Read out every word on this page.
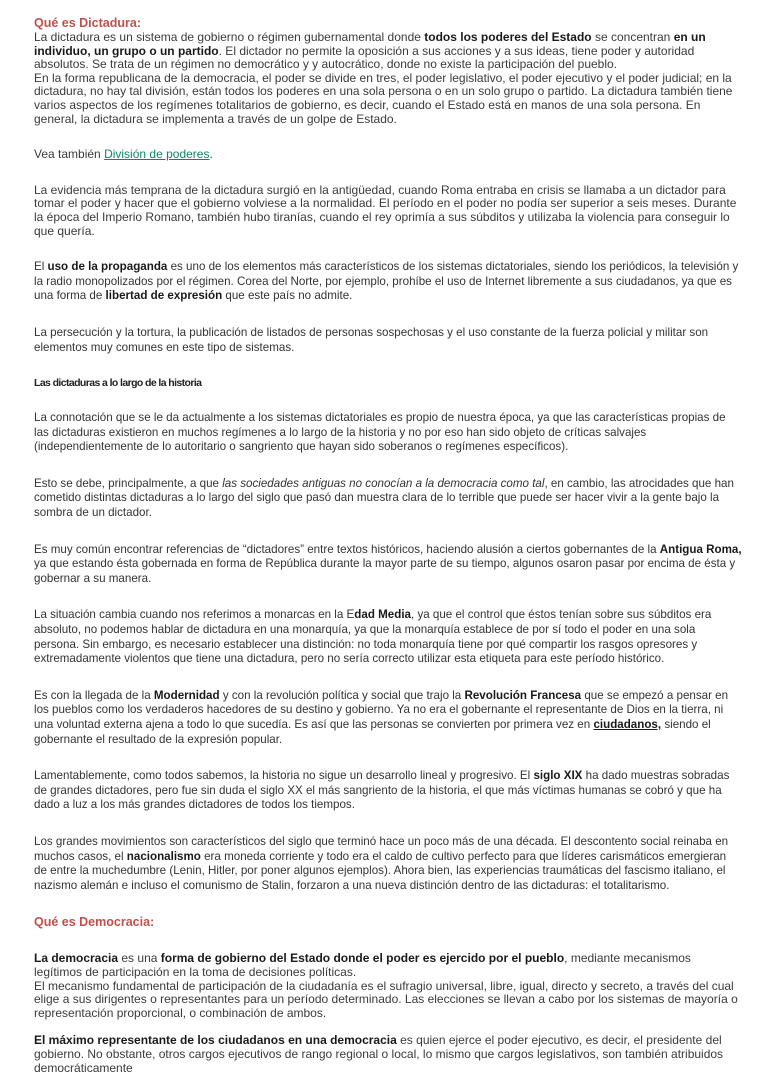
Qué es Dictadura:

La dictadura es un sistema de gobierno o régimen gubernamental donde todos los poderes del Estado se concentran en un individuo, un grupo o un partido. El dictador no permite la oposición a sus acciones y a sus ideas, tiene poder y autoridad absolutos. Se trata de un régimen no democrático y y autocrático, donde no existe la participación del pueblo.

En la forma republicana de la democracia, el poder se divide en tres, el poder legislativo, el poder ejecutivo y el poder judicial; en la dictadura, no hay tal división, están todos los poderes en una sola persona o en un solo grupo o partido. La dictadura también tiene varios aspectos de los regímenes totalitarios de gobierno, es decir, cuando el Estado está en manos de una sola persona. En general, la dictadura se implementa a través de un golpe de Estado.

Vea también División de poderes.

La evidencia más temprana de la dictadura surgió en la antigüedad, cuando Roma entraba en crisis se llamaba a un dictador para tomar el poder y hacer que el gobierno volviese a la normalidad. El período en el poder no podía ser superior a seis meses. Durante la época del Imperio Romano, también hubo tiranías, cuando el rey oprimía a sus súbditos y utilizaba la violencia para conseguir lo que quería.

El uso de la propaganda es uno de los elementos más característicos de los sistemas dictatoriales, siendo los periódicos, la televisión y la radio monopolizados por el régimen. Corea del Norte, por ejemplo, prohíbe el uso de Internet libremente a sus ciudadanos, ya que es una forma de libertad de expresión que este país no admite.

La persecución y la tortura, la publicación de listados de personas sospechosas y el uso constante de la fuerza policial y militar son elementos muy comunes en este tipo de sistemas.

Las dictaduras a lo largo de la historia

La connotación que se le da actualmente a los sistemas dictatoriales es propio de nuestra época, ya que las características propias de las dictaduras existieron en muchos regímenes a lo largo de la historia y no por eso han sido objeto de críticas salvajes (independientemente de lo autoritario o sangriento que hayan sido soberanos o regímenes específicos).

Esto se debe, principalmente, a que las sociedades antiguas no conocían a la democracia como tal, en cambio, las atrocidades que han cometido distintas dictaduras a lo largo del siglo que pasó dan muestra clara de lo terrible que puede ser hacer vivir a la gente bajo la sombra de un dictador.

Es muy común encontrar referencias de “dictadores” entre textos históricos, haciendo alusión a ciertos gobernantes de la Antigua Roma, ya que estando ésta gobernada en forma de República durante la mayor parte de su tiempo, algunos osaron pasar por encima de ésta y gobernar a su manera.

La situación cambia cuando nos referimos a monarcas en la Edad Media, ya que el control que éstos tenían sobre sus súbditos era absoluto, no podemos hablar de dictadura en una monarquía, ya que la monarquía establece de por sí todo el poder en una sola persona. Sin embargo, es necesario establecer una distinción: no toda monarquía tiene por qué compartir los rasgos opresores y extremadamente violentos que tiene una dictadura, pero no sería correcto utilizar esta etiqueta para este período histórico.

Es con la llegada de la Modernidad y con la revolución política y social que trajo la Revolución Francesa que se empezó a pensar en los pueblos como los verdaderos hacedores de su destino y gobierno. Ya no era el gobernante el representante de Dios en la tierra, ni una voluntad externa ajena a todo lo que sucedía. Es así que las personas se convierten por primera vez en ciudadanos, siendo el gobernante el resultado de la expresión popular.

Lamentablemente, como todos sabemos, la historia no sigue un desarrollo lineal y progresivo. El siglo XIX ha dado muestras sobradas de grandes dictadores, pero fue sin duda el siglo XX el más sangriento de la historia, el que más víctimas humanas se cobró y que ha dado a luz a los más grandes dictadores de todos los tiempos.

Los grandes movimientos son característicos del siglo que terminó hace un poco más de una década. El descontento social reinaba en muchos casos, el nacionalismo era moneda corriente y todo era el caldo de cultivo perfecto para que líderes carismáticos emergieran de entre la muchedumbre (Lenin, Hitler, por poner algunos ejemplos). Ahora bien, las experiencias traumáticas del fascismo italiano, el nazismo alemán e incluso el comunismo de Stalin, forzaron a una nueva distinción dentro de las dictaduras: el totalitarismo.

Qué es Democracia:

La democracia es una forma de gobierno del Estado donde el poder es ejercido por el pueblo, mediante mecanismos legítimos de participación en la toma de decisiones políticas.

El mecanismo fundamental de participación de la ciudadanía es el sufragio universal, libre, igual, directo y secreto, a través del cual elige a sus dirigentes o representantes para un período determinado. Las elecciones se llevan a cabo por los sistemas de mayoría o representación proporcional, o combinación de ambos.

El máximo representante de los ciudadanos en una democracia es quien ejerce el poder ejecutivo, es decir, el presidente del gobierno. No obstante, otros cargos ejecutivos de rango regional o local, lo mismo que cargos legislativos, son también atribuidos democráticamente
